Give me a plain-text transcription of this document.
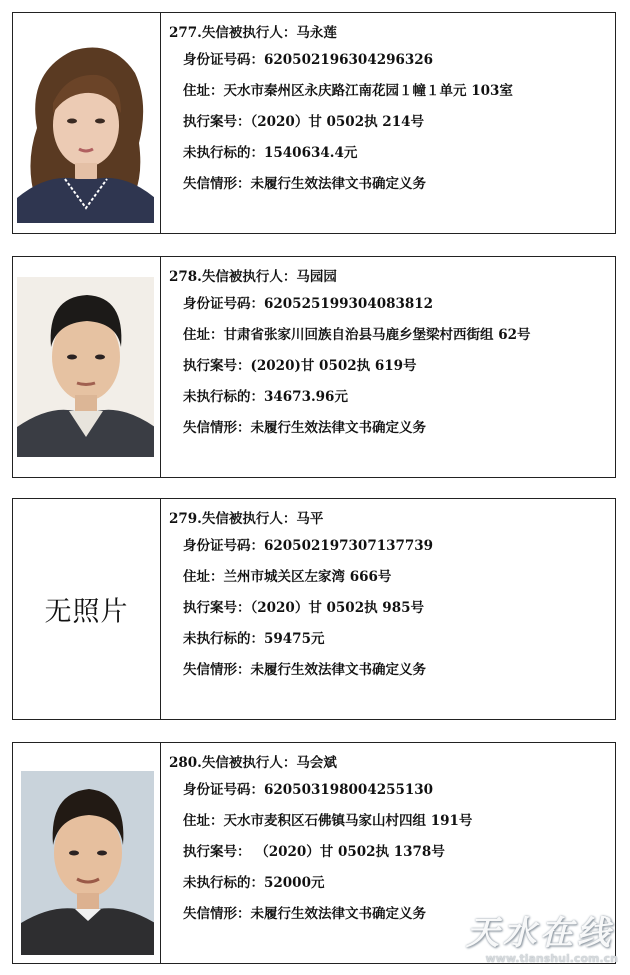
277.失信被执行人：马永莲
身份证号码：620502196304296326
住址：天水市秦州区永庆路江南花园１幢１单元 103室
执行案号：（2020）甘 0502执 214号
未执行标的：1540634.4元
失信情形：未履行生效法律文书确定义务
278.失信被执行人：马园园
身份证号码：620525199304083812
住址：甘肃省张家川回族自治县马鹿乡堡梁村西街组 62号
执行案号：(2020)甘 0502执 619号
未执行标的：34673.96元
失信情形：未履行生效法律文书确定义务
无照片
279.失信被执行人：马平
身份证号码：620502197307137739
住址：兰州市城关区左家湾 666号
执行案号：（2020）甘 0502执 985号
未执行标的：59475元
失信情形：未履行生效法律文书确定义务
280.失信被执行人：马会斌
身份证号码：620503198004255130
住址：天水市麦积区石佛镇马家山村四组 191号
执行案号： （2020）甘 0502执 1378号
未执行标的：52000元
失信情形：未履行生效法律文书确定义务	天水在线
www.tianshui.com.cn
